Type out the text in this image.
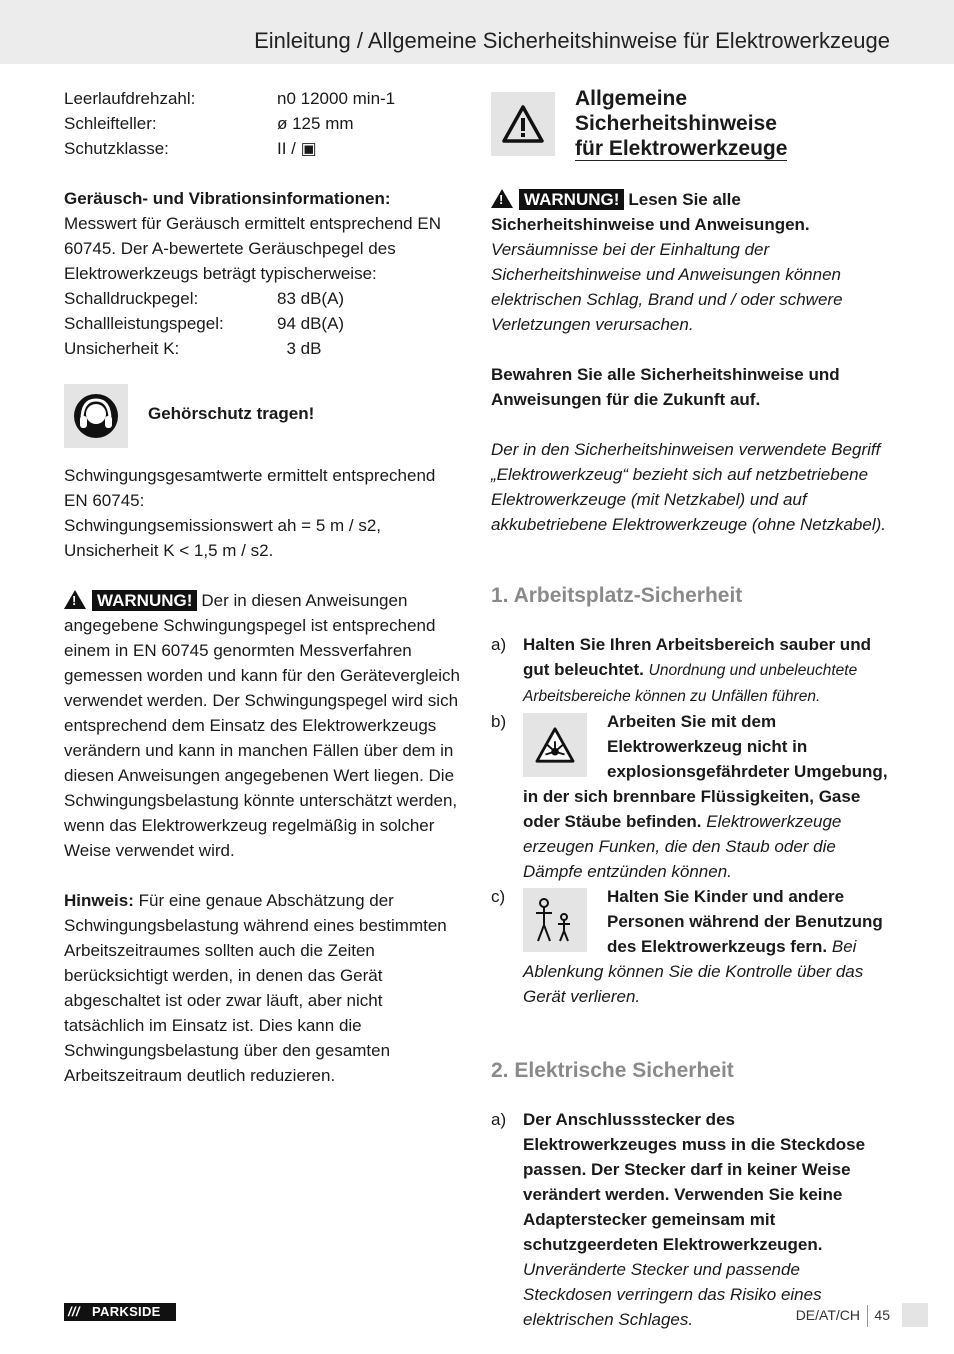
Einleitung / Allgemeine Sicherheitshinweise für Elektrowerkzeuge
Leerlaufdrehzahl:	n0 12000 min-1
Schleifteller:	ø 125 mm
Schutzklasse:	II / ▣

Geräusch- und Vibrationsinformationen:

Messwert für Geräusch ermittelt entsprechend EN 60745. Der A-bewertete Geräuschpegel des Elektrowerkzeugs beträgt typischerweise:

Schalldruckpegel:	83 dB(A)
Schallleistungspegel:	94 dB(A)
Unsicherheit K:	3 dB
Gehörschutz tragen!

Schwingungsgesamtwerte ermittelt entsprechend

EN 60745:

Schwingungsemissionswert ah = 5 m / s2,

Unsicherheit K < 1,5 m / s2.

!WARNUNG! Der in diesen Anweisungen angegebene Schwingungspegel ist entsprechend einem in EN 60745 genormten Messverfahren gemessen worden und kann für den Gerätevergleich verwendet werden. Der Schwingungspegel wird sich entsprechend dem Einsatz des Elektrowerkzeugs verändern und kann in manchen Fällen über dem in diesen Anweisungen angegebenen Wert liegen. Die Schwingungsbelastung könnte unterschätzt werden, wenn das Elektrowerkzeug regelmäßig in solcher Weise verwendet wird.

Hinweis: Für eine genaue Abschätzung der Schwingungsbelastung während eines bestimmten Arbeitszeitraumes sollten auch die Zeiten berücksichtigt werden, in denen das Gerät abgeschaltet ist oder zwar läuft, aber nicht tatsächlich im Einsatz ist. Dies kann die Schwingungsbelastung über den gesamten Arbeitszeitraum deutlich reduzieren.

Allgemeine
Sicherheitshinweise
für Elektrowerkzeuge

!WARNUNG! Lesen Sie alle Sicherheitshinweise und Anweisungen. Versäumnisse bei der Einhaltung der Sicherheitshinweise und Anweisungen können elektrischen Schlag, Brand und / oder schwere Verletzungen verursachen.

Bewahren Sie alle Sicherheitshinweise und Anweisungen für die Zukunft auf.

Der in den Sicherheitshinweisen verwendete Begriff „Elektrowerkzeug“ bezieht sich auf netzbetriebene Elektrowerkzeuge (mit Netzkabel) und auf akkubetriebene Elektrowerkzeuge (ohne Netzkabel).

1. Arbeitsplatz-Sicherheit

a) Halten Sie Ihren Arbeitsbereich sauber und gut beleuchtet. Unordnung und unbeleuchtete Arbeitsbereiche können zu Unfällen führen.
b)	Arbeiten Sie mit dem Elektrowerkzeug nicht in explosionsgefährdeter Umgebung, in der sich brennbare Flüssigkeiten, Gase oder Stäube befinden. Elektrowerkzeuge erzeugen Funken, die den Staub oder die Dämpfe entzünden können.
c)	Halten Sie Kinder und andere Personen während der Benutzung des Elektrowerkzeugs fern. Bei Ablenkung können Sie die Kontrolle über das Gerät verlieren.

2. Elektrische Sicherheit

a) Der Anschlussstecker des Elektrowerkzeuges muss in die Steckdose passen. Der Stecker darf in keiner Weise verändert werden. Verwenden Sie keine Adapterstecker gemeinsam mit schutzgeerdeten Elektrowerkzeugen. Unveränderte Stecker und passende Steckdosen verringern das Risiko eines elektrischen Schlages.
/// PARKSIDE	DE/AT/CH 45
